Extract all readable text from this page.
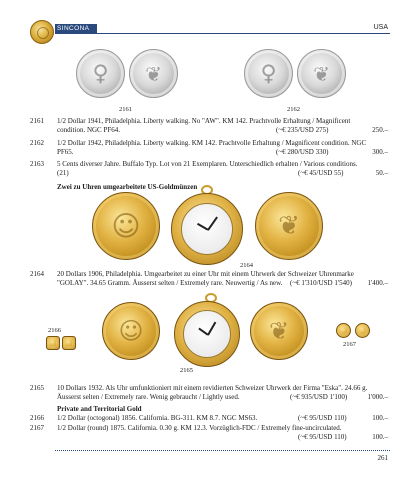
SINCONA	USA
♀ ❦
2161
♀ ❦
2162
2161 1/2 Dollar 1941, Philadelphia. Liberty walking. No "AW". KM 142. Prachtvolle Erhaltung / Magnificent
condition. NGC PF64.	(~€ 235/USD 275)	250.–
2162 1/2 Dollar 1942, Philadelphia. Liberty walking. KM 142. Prachtvolle Erhaltung / Magnificent condition. NGC
PF65.	(~€ 280/USD 330)	300.–
2163 5 Cents diverser Jahre. Buffalo Typ. Lot von 21 Exemplaren. Unterschiedlich erhalten / Various conditions.
(21)	(~€ 45/USD 55)	50.–
Zwei zu Uhren umgearbeitete US-Goldmünzen
☺	❦
2164
2164 20 Dollars 1906, Philadelphia. Umgearbeitet zu einer Uhr mit einem Uhrwerk der Schweizer Uhrenmarke
"GOLAY". 34.65 Gramm. Äusserst selten / Extremely rare. Neuwertig / As new. (~€ 1'310/USD 1'540) 1'400.–
2166 ☺	❦
2165
2167
2165 10 Dollars 1932. Als Uhr umfunktioniert mit einem revidierten Schweizer Uhrwerk der Firma "Eska". 24.66 g.
Äusserst selten / Extremely rare. Wenig gebraucht / Lightly used.	(~€ 935/USD 1'100)	1'000.–
Private and Territorial Gold
2166 1/2 Dollar (octogonal) 1856. California. BG-311. KM 8.7. NGC MS63.	(~€ 95/USD 110)	100.–
2167 1/2 Dollar (round) 1875. California. 0.30 g. KM 12.3. Vorzüglich-FDC / Extremely fine-uncirculated.
(~€ 95/USD 110)	100.–
261
